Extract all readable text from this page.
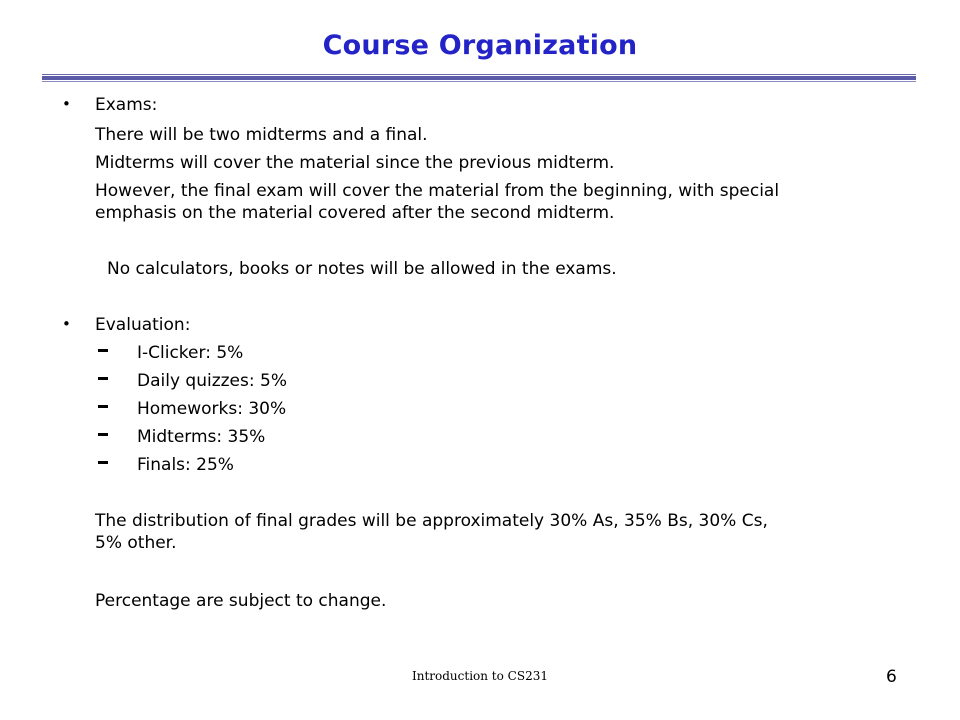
Course Organization
• Exams:
There will be two midterms and a final.
Midterms will cover the material since the previous midterm.
However, the final exam will cover the material from the beginning, with special
emphasis on the material covered after the second midterm.
No calculators, books or notes will be allowed in the exams.
• Evaluation:
I-Clicker: 5%
Daily quizzes: 5%
Homeworks: 30%
Midterms: 35%
Finals: 25%
The distribution of final grades will be approximately 30% As, 35% Bs, 30% Cs,
5% other.
Percentage are subject to change.
Introduction to CS231	6
